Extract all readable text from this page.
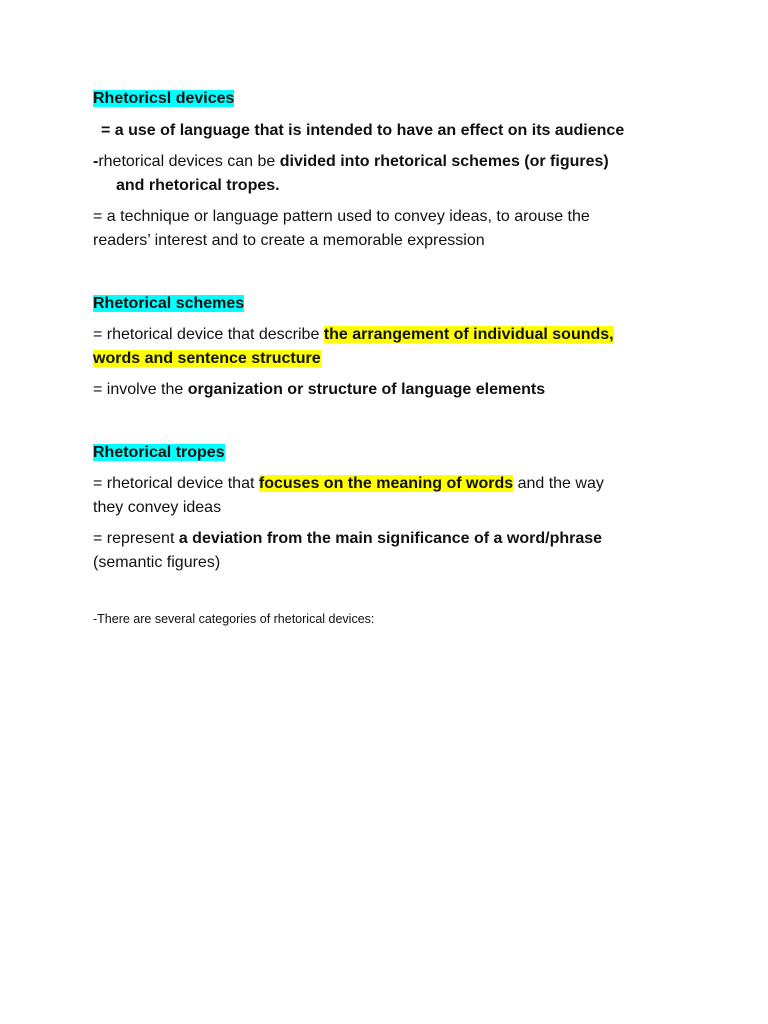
Rhetoricsl devices
= a use of language that is intended to have an effect on its audience
-rhetorical devices can be divided into rhetorical schemes (or figures)
and rhetorical tropes.
= a technique or language pattern used to convey ideas, to arouse the
readers’ interest and to create a memorable expression
Rhetorical schemes
= rhetorical device that describe the arrangement of individual sounds,
words and sentence structure
= involve the organization or structure of language elements
Rhetorical tropes
= rhetorical device that focuses on the meaning of words and the way
they convey ideas
= represent a deviation from the main significance of a word/phrase
(semantic figures)
-There are several categories of rhetorical devices:
